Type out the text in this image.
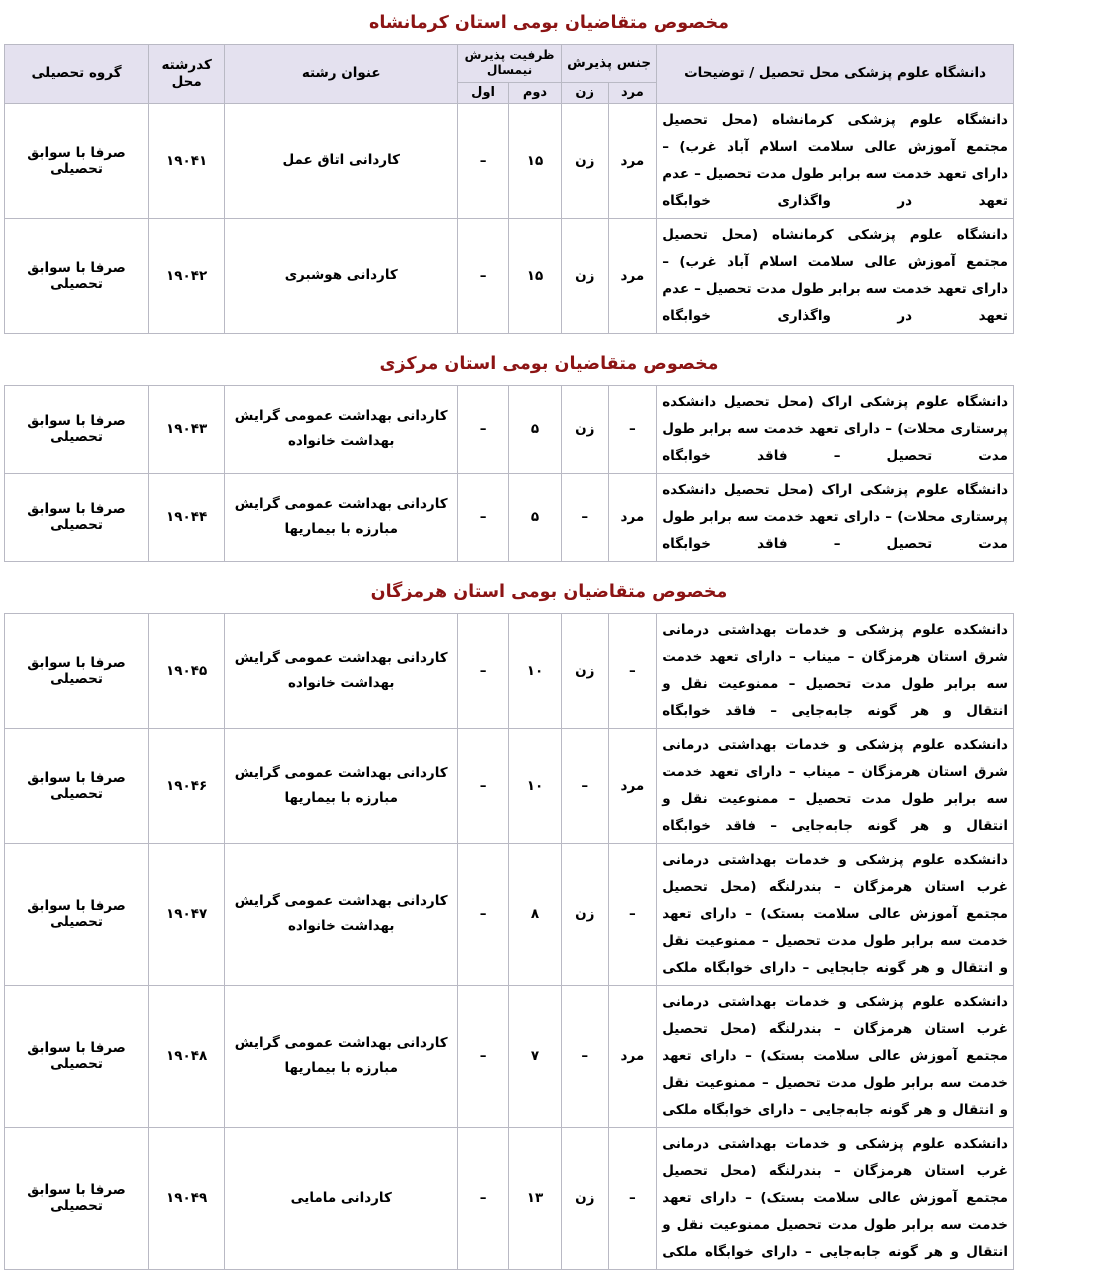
مخصوص متقاضیان بومی استان کرمانشاه
دانشگاه علوم پزشکی محل تحصیل / توضیحات	جنس پذیرش		ظرفیت پذیرش نیمسال		عنوان رشته	کدرشته محل	گروه تحصیلی
	مرد	زن	دوم	اول			
دانشگاه علوم پزشکی کرمانشاه (محل تحصیل مجتمع آموزش عالی سلامت اسلام آباد غرب) – دارای تعهد خدمت سه برابر طول مدت تحصیل – عدم تعهد در واگذاری خوابگاه	مرد	زن	۱۵	–	کاردانی اتاق عمل	۱۹۰۴۱	صرفا با سوابق تحصیلی
دانشگاه علوم پزشکی کرمانشاه (محل تحصیل مجتمع آموزش عالی سلامت اسلام آباد غرب) – دارای تعهد خدمت سه برابر طول مدت تحصیل – عدم تعهد در واگذاری خوابگاه	مرد	زن	۱۵	–	کاردانی هوشبری	۱۹۰۴۲	صرفا با سوابق تحصیلی
مخصوص متقاضیان بومی استان مرکزی
دانشگاه علوم پزشکی اراک (محل تحصیل دانشکده پرستاری محلات) – دارای تعهد خدمت سه برابر طول مدت تحصیل – فاقد خوابگاه	–	زن	۵	–	کاردانی بهداشت عمومی گرایش بهداشت خانواده	۱۹۰۴۳	صرفا با سوابق تحصیلی
دانشگاه علوم پزشکی اراک (محل تحصیل دانشکده پرستاری محلات) – دارای تعهد خدمت سه برابر طول مدت تحصیل – فاقد خوابگاه	مرد	–	۵	–	کاردانی بهداشت عمومی گرایش مبارزه با بیماریها	۱۹۰۴۴	صرفا با سوابق تحصیلی
مخصوص متقاضیان بومی استان هرمزگان
دانشکده علوم پزشکی و خدمات بهداشتی درمانی شرق استان هرمزگان – میناب – دارای تعهد خدمت سه برابر طول مدت تحصیل – ممنوعیت نقل و انتقال و هر گونه جابه‌جایی – فاقد خوابگاه	–	زن	۱۰	–	کاردانی بهداشت عمومی گرایش بهداشت خانواده	۱۹۰۴۵	صرفا با سوابق تحصیلی
دانشکده علوم پزشکی و خدمات بهداشتی درمانی شرق استان هرمزگان – میناب – دارای تعهد خدمت سه برابر طول مدت تحصیل – ممنوعیت نقل و انتقال و هر گونه جابه‌جایی – فاقد خوابگاه	مرد	–	۱۰	–	کاردانی بهداشت عمومی گرایش مبارزه با بیماریها	۱۹۰۴۶	صرفا با سوابق تحصیلی
دانشکده علوم پزشکی و خدمات بهداشتی درمانی غرب استان هرمزگان – بندرلنگه (محل تحصیل مجتمع آموزش عالی سلامت بستک) – دارای تعهد خدمت سه برابر طول مدت تحصیل – ممنوعیت نقل و انتقال و هر گونه جابجایی – دارای خوابگاه ملکی	–	زن	۸	–	کاردانی بهداشت عمومی گرایش بهداشت خانواده	۱۹۰۴۷	صرفا با سوابق تحصیلی
دانشکده علوم پزشکی و خدمات بهداشتی درمانی غرب استان هرمزگان – بندرلنگه (محل تحصیل مجتمع آموزش عالی سلامت بستک) – دارای تعهد خدمت سه برابر طول مدت تحصیل – ممنوعیت نقل و انتقال و هر گونه جابه‌جایی – دارای خوابگاه ملکی	مرد	–	۷	–	کاردانی بهداشت عمومی گرایش مبارزه با بیماریها	۱۹۰۴۸	صرفا با سوابق تحصیلی
دانشکده علوم پزشکی و خدمات بهداشتی درمانی غرب استان هرمزگان – بندرلنگه (محل تحصیل مجتمع آموزش عالی سلامت بستک) – دارای تعهد خدمت سه برابر طول مدت تحصیل ممنوعیت نقل و انتقال و هر گونه جابه‌جایی – دارای خوابگاه ملکی	–	زن	۱۳	–	کاردانی مامایی	۱۹۰۴۹	صرفا با سوابق تحصیلی
